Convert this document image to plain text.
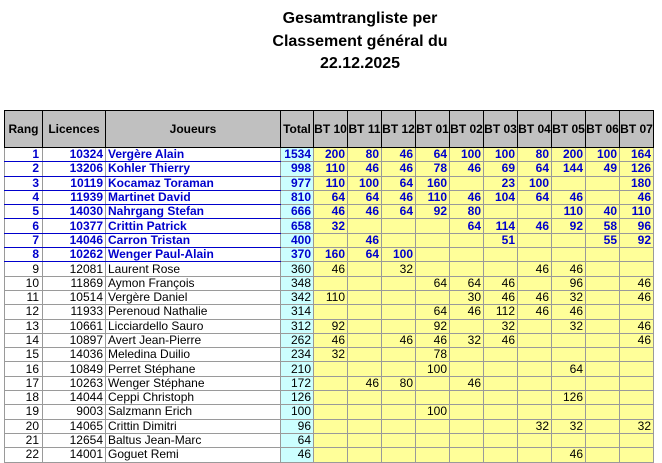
Gesamtrangliste per
Classement général du
22.12.2025
Rang	Licences	Joueurs	Total	BT 10	BT 11	BT 12	BT 01	BT 02	BT 03	BT 04	BT 05	BT 06	BT 07
1	10324	Vergère Alain	1534	200	80	46	64	100	100	80	200	100	164
2	13206	Kohler Thierry	998	110	46	46	78	46	69	64	144	49	126
3	10119	Kocamaz Toraman	977	110	100	64	160		23	100			180
4	11939	Martinet David	810	64	64	46	110	46	104	64	46		46
5	14030	Nahrgang Stefan	666	46	46	64	92	80			110	40	110
6	10377	Crittin Patrick	658	32				64	114	46	92	58	96
7	14046	Carron Tristan	400		46				51			55	92
8	10262	Wenger Paul-Alain	370	160	64	100							
9	12081	Laurent Rose	360	46		32				46	46		
10	11869	Aymon François	348				64	64	46		96		46
11	10514	Vergère Daniel	342	110				30	46	46	32		46
12	11933	Perenoud Nathalie	314				64	46	112	46	46		
13	10661	Licciardello Sauro	312	92			92		32		32		46
14	10897	Avert Jean-Pierre	262	46		46	46	32	46				46
15	14036	Meledina Duilio	234	32			78						
16	10849	Perret Stéphane	210				100				64		
17	10263	Wenger Stéphane	172		46	80		46					
18	14044	Ceppi Christoph	126								126		
19	9003	Salzmann Erich	100				100						
20	14065	Crittin Dimitri	96							32	32		32
21	12654	Baltus Jean-Marc	64										
22	14001	Goguet Remi	46								46		
